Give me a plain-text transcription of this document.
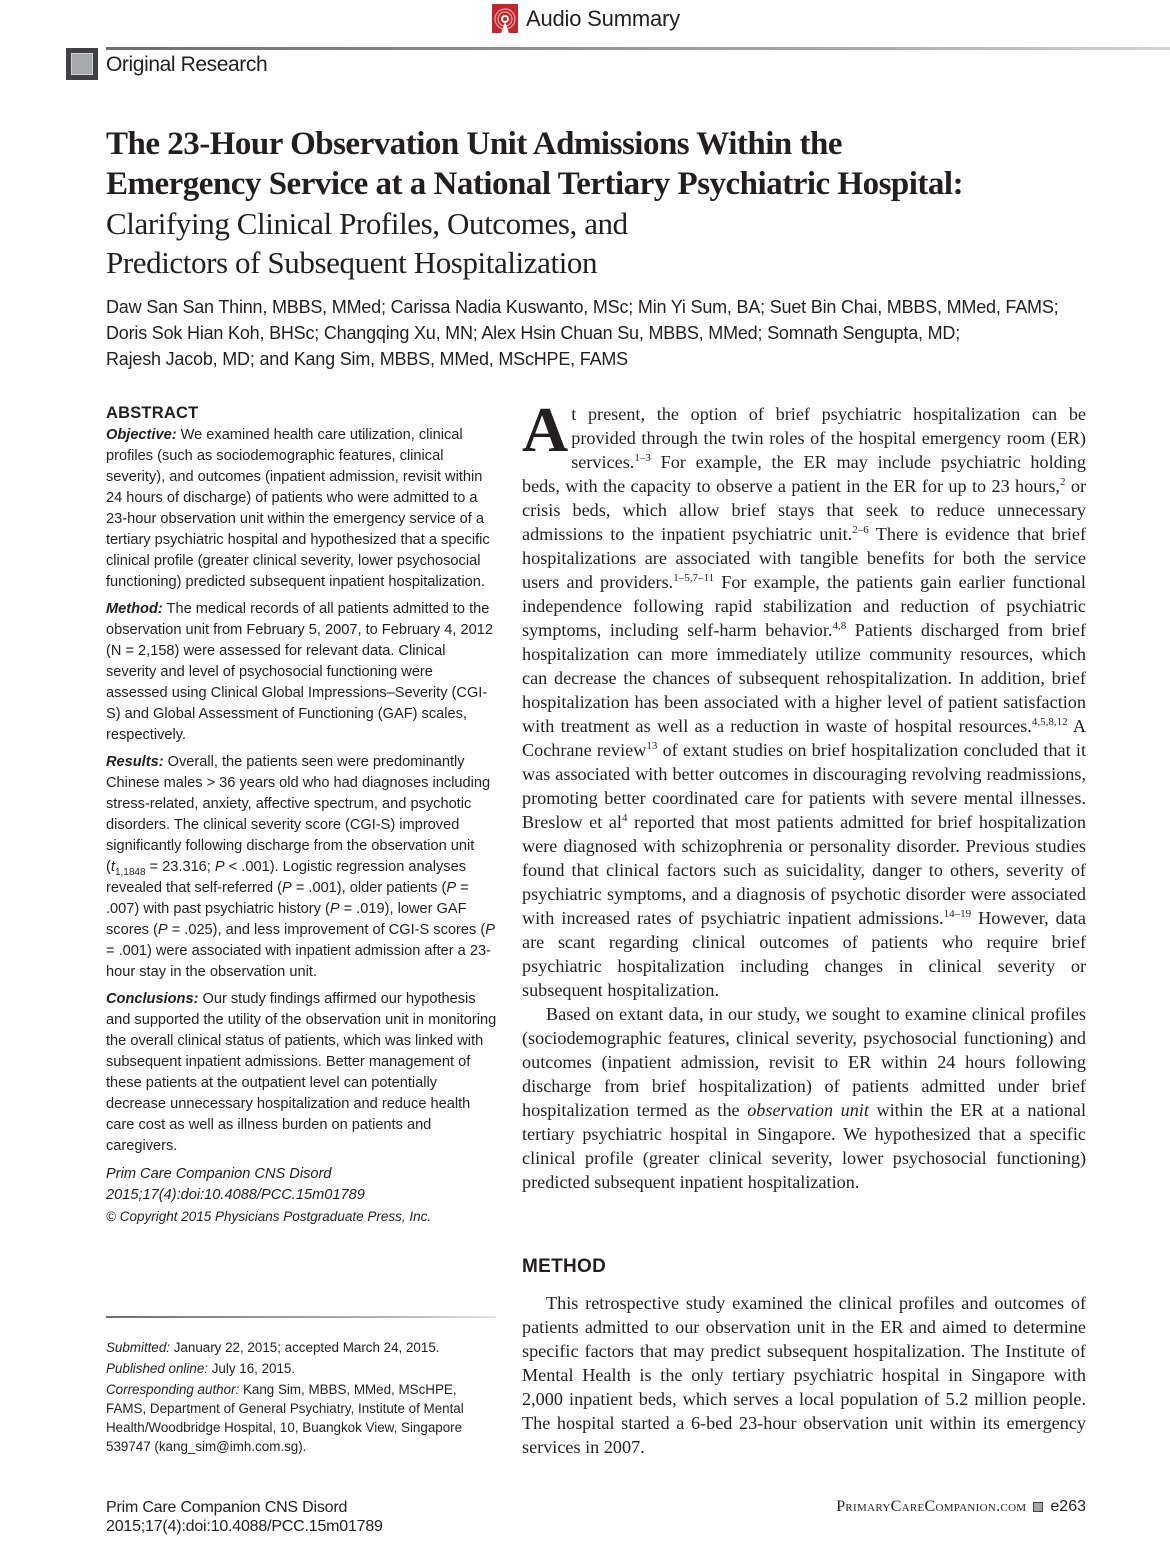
Audio Summary
Original Research
The 23-Hour Observation Unit Admissions Within the
Emergency Service at a National Tertiary Psychiatric Hospital:
Clarifying Clinical Profiles, Outcomes, and
Predictors of Subsequent Hospitalization
Daw San San Thinn, MBBS, MMed; Carissa Nadia Kuswanto, MSc; Min Yi Sum, BA; Suet Bin Chai, MBBS, MMed, FAMS;
Doris Sok Hian Koh, BHSc; Changqing Xu, MN; Alex Hsin Chuan Su, MBBS, MMed; Somnath Sengupta, MD;
Rajesh Jacob, MD; and Kang Sim, MBBS, MMed, MScHPE, FAMS
ABSTRACT

Objective: We examined health care utilization, clinical profiles (such as sociodemographic features, clinical severity), and outcomes (inpatient admission, revisit within 24 hours of discharge) of patients who were admitted to a 23-hour observation unit within the emergency service of a tertiary psychiatric hospital and hypothesized that a specific clinical profile (greater clinical severity, lower psychosocial functioning) predicted subsequent inpatient hospitalization.

Method: The medical records of all patients admitted to the observation unit from February 5, 2007, to February 4, 2012 (N = 2,158) were assessed for relevant data. Clinical severity and level of psychosocial functioning were assessed using Clinical Global Impressions–Severity (CGI-S) and Global Assessment of Functioning (GAF) scales, respectively.

Results: Overall, the patients seen were predominantly Chinese males > 36 years old who had diagnoses including stress-related, anxiety, affective spectrum, and psychotic disorders. The clinical severity score (CGI-S) improved significantly following discharge from the observation unit ($t_{1,1848} = 23.316$; P < .001). Logistic regression analyses revealed that self-referred (P = .001), older patients (P = .007) with past psychiatric history (P = .019), lower GAF scores (P = .025), and less improvement of CGI-S scores (P = .001) were associated with inpatient admission after a 23-hour stay in the observation unit.

Conclusions: Our study findings affirmed our hypothesis and supported the utility of the observation unit in monitoring the overall clinical status of patients, which was linked with subsequent inpatient admissions. Better management of these patients at the outpatient level can potentially decrease unnecessary hospitalization and reduce health care cost as well as illness burden on patients and caregivers.

Prim Care Companion CNS Disord
2015;17(4):doi:10.4088/PCC.15m01789
© Copyright 2015 Physicians Postgraduate Press, Inc.

Submitted: January 22, 2015; accepted March 24, 2015.

Published online: July 16, 2015.

Corresponding author: Kang Sim, MBBS, MMed, MScHPE, FAMS, Department of General Psychiatry, Institute of Mental Health/Woodbridge Hospital, 10, Buangkok View, Singapore 539747 (kang_sim@imh.com.sg).

At present, the option of brief psychiatric hospitalization can be provided through the twin roles of the hospital emergency room (ER) services.$^{1-3}$ For example, the ER may include psychiatric holding beds, with the capacity to observe a patient in the ER for up to 23 hours,$^2$ or crisis beds, which allow brief stays that seek to reduce unnecessary admissions to the inpatient psychiatric unit.$^{2-6}$ There is evidence that brief hospitalizations are associated with tangible benefits for both the service users and providers.$^{1-5,7-11}$ For example, the patients gain earlier functional independence following rapid stabilization and reduction of psychiatric symptoms, including self-harm behavior.$^{4,8}$ Patients discharged from brief hospitalization can more immediately utilize community resources, which can decrease the chances of subsequent rehospitalization. In addition, brief hospitalization has been associated with a higher level of patient satisfaction with treatment as well as a reduction in waste of hospital resources.$^{4,5,8,12}$ A Cochrane review$^{13}$ of extant studies on brief hospitalization concluded that it was associated with better outcomes in discouraging revolving readmissions, promoting better coordinated care for patients with severe mental illnesses. Breslow et $al^4$ reported that most patients admitted for brief hospitalization were diagnosed with schizophrenia or personality disorder. Previous studies found that clinical factors such as suicidality, danger to others, severity of psychiatric symptoms, and a diagnosis of psychotic disorder were associated with increased rates of psychiatric inpatient admissions.$^{14-19}$ However, data are scant regarding clinical outcomes of patients who require brief psychiatric hospitalization including changes in clinical severity or subsequent hospitalization.

Based on extant data, in our study, we sought to examine clinical profiles (sociodemographic features, clinical severity, psychosocial functioning) and outcomes (inpatient admission, revisit to ER within 24 hours following discharge from brief hospitalization) of patients admitted under brief hospitalization termed as the observation unit within the ER at a national tertiary psychiatric hospital in Singapore. We hypothesized that a specific clinical profile (greater clinical severity, lower psychosocial functioning) predicted subsequent inpatient hospitalization.

METHOD

This retrospective study examined the clinical profiles and outcomes of patients admitted to our observation unit in the ER and aimed to determine specific factors that may predict subsequent hospitalization. The Institute of Mental Health is the only tertiary psychiatric hospital in Singapore with 2,000 inpatient beds, which serves a local population of 5.2 million people. The hospital started a 6-bed 23-hour observation unit within its emergency services in 2007.

Prim Care Companion CNS Disord
2015;17(4):doi:10.4088/PCC.15m01789
PrimaryCareCompanion.com e263
